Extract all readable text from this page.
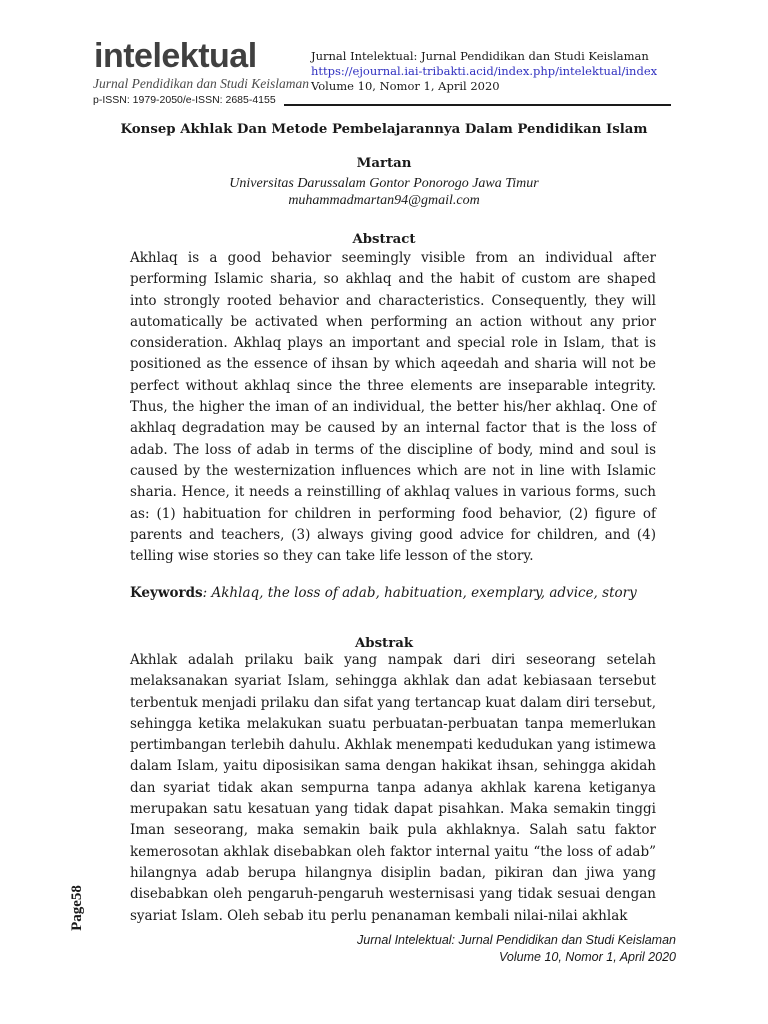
intelektual
Jurnal Pendidikan dan Studi Keislaman
p-ISSN: 1979-2050/e-ISSN: 2685-4155
Jurnal Intelektual: Jurnal Pendidikan dan Studi Keislaman
https://ejournal.iai-tribakti.acid/index.php/intelektual/index
Volume 10, Nomor 1, April 2020
Konsep Akhlak Dan Metode Pembelajarannya Dalam Pendidikan Islam
Martan
Universitas Darussalam Gontor Ponorogo Jawa Timur
muhammadmartan94@gmail.com
Abstract
Akhlaq is a good behavior seemingly visible from an individual after performing Islamic sharia, so akhlaq and the habit of custom are shaped into strongly rooted behavior and characteristics. Consequently, they will automatically be activated when performing an action without any prior consideration. Akhlaq plays an important and special role in Islam, that is positioned as the essence of ihsan by which aqeedah and sharia will not be perfect without akhlaq since the three elements are inseparable integrity. Thus, the higher the iman of an individual, the better his/her akhlaq. One of akhlaq degradation may be caused by an internal factor that is the loss of adab. The loss of adab in terms of the discipline of body, mind and soul is caused by the westernization influences which are not in line with Islamic sharia. Hence, it needs a reinstilling of akhlaq values in various forms, such as: (1) habituation for children in performing food behavior, (2) figure of parents and teachers, (3) always giving good advice for children, and (4) telling wise stories so they can take life lesson of the story.
Keywords: Akhlaq, the loss of adab, habituation, exemplary, advice, story
Abstrak
Akhlak adalah prilaku baik yang nampak dari diri seseorang setelah melaksanakan syariat Islam, sehingga akhlak dan adat kebiasaan tersebut terbentuk menjadi prilaku dan sifat yang tertancap kuat dalam diri tersebut, sehingga ketika melakukan suatu perbuatan-perbuatan tanpa memerlukan pertimbangan terlebih dahulu. Akhlak menempati kedudukan yang istimewa dalam Islam, yaitu diposisikan sama dengan hakikat ihsan, sehingga akidah dan syariat tidak akan sempurna tanpa adanya akhlak karena ketiganya merupakan satu kesatuan yang tidak dapat pisahkan. Maka semakin tinggi Iman seseorang, maka semakin baik pula akhlaknya. Salah satu faktor kemerosotan akhlak disebabkan oleh faktor internal yaitu “the loss of adab” hilangnya adab berupa hilangnya disiplin badan, pikiran dan jiwa yang disebabkan oleh pengaruh-pengaruh westernisasi yang tidak sesuai dengan syariat Islam. Oleh sebab itu perlu penanaman kembali nilai-nilai akhlak
Page58
Jurnal Intelektual: Jurnal Pendidikan dan Studi Keislaman
Volume 10, Nomor 1, April 2020
